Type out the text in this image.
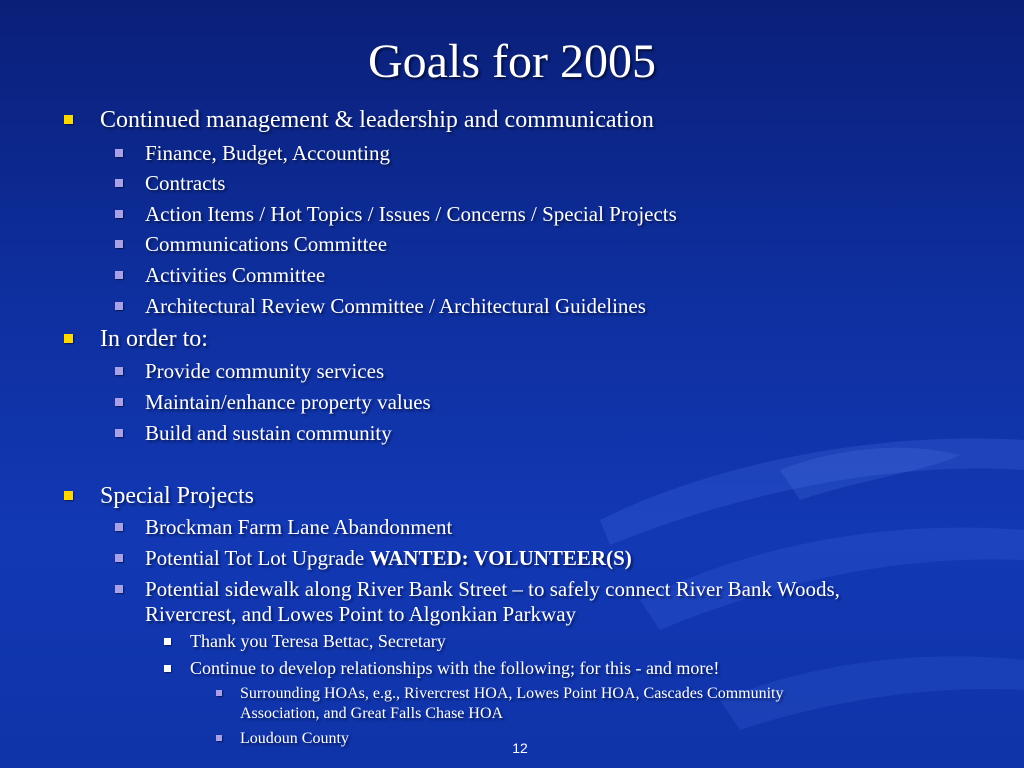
Goals for 2005
Continued management & leadership and communication
Finance, Budget, Accounting
Contracts
Action Items / Hot Topics / Issues / Concerns / Special Projects
Communications Committee
Activities Committee
Architectural Review Committee / Architectural Guidelines
In order to:
Provide community services
Maintain/enhance property values
Build and sustain community
Special Projects
Brockman Farm Lane Abandonment
Potential Tot Lot Upgrade WANTED: VOLUNTEER(S)
Potential sidewalk along River Bank Street – to safely connect River Bank Woods,
Rivercrest, and Lowes Point to Algonkian Parkway
Thank you Teresa Bettac, Secretary
Continue to develop relationships with the following; for this - and more!
Surrounding HOAs, e.g., Rivercrest HOA, Lowes Point HOA, Cascades Community
Association, and Great Falls Chase HOA
Loudoun County
12
